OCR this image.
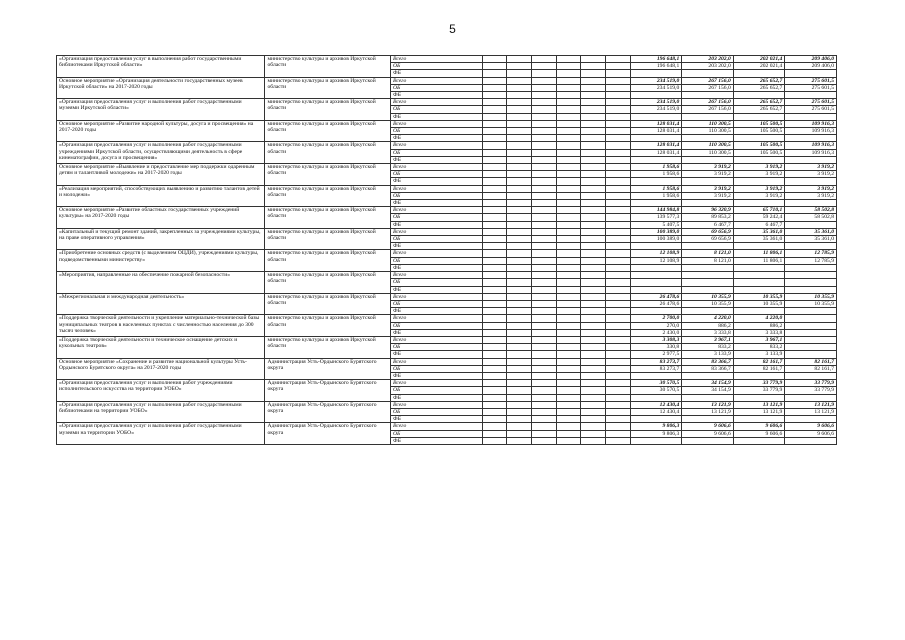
5
«Организация предоставления услуг в выполнения работ государственными библиотеками Иркутской области»	министерство культуры и архивов Иркутской области	Всего							196 648,1	203 202,0	202 021,4	209 406,0
		ОБ							196 648,1	203 202,0	202 021,4	209 406,0
		ФБ										
Основное мероприятие «Организация деятельности государственных музеев Иркутской области» на 2017-2020 годы	министерство культуры и архивов Иркутской области	Всего							234 519,0	267 156,0	265 652,7	275 601,5
		ОБ							234 519,0	267 156,0	265 652,7	275 601,5
		ФБ										
«Организация предоставления услуг и выполнения работ государственными музеями Иркутской области»	министерство культуры и архивов Иркутской области	Всего							234 519,0	267 156,0	265 652,7	275 601,5
		ОБ							234 519,0	267 156,0	265 652,7	275 601,5
		ФБ										
Основное мероприятие «Развитие народной культуры, досуга и просвещения» на 2017-2020 годы	министерство культуры и архивов Иркутской области	Всего							128 031,4	110 300,5	105 500,5	109 916,3
		ОБ							128 031,4	110 300,5	105 500,5	109 916,3
		ФБ										
«Организация предоставления услуг и выполнения работ государственными учреждениями Иркутской области, осуществляющими деятельность в сфере кинематографии, досуга и просвещения»	министерство культуры и архивов Иркутской области	Всего							128 031,4	110 300,5	105 500,5	109 916,3
		ОБ							128 031,4	110 300,5	105 500,5	109 916,3
		ФБ										
Основное мероприятие «Выявление и предоставление мер поддержки одаренным детям и талантливой молодежи» на 2017-2020 годы	министерство культуры и архивов Иркутской области	Всего							1 958,6	3 919,2	3 919,2	3 919,2
		ОБ							1 958,6	3 919,2	3 919,2	3 919,2
		ФБ										
«Реализация мероприятий, способствующих выявлению и развитию талантов детей и молодежи»	министерство культуры и архивов Иркутской области	Всего							1 958,6	3 919,2	3 919,2	3 919,2
		ОБ							1 958,6	3 919,2	3 919,2	3 919,2
		ФБ										
Основное мероприятие «Развитие областных государственных учреждений культуры» на 2017-2020 годы	министерство культуры и архивов Иркутской области	Всего							144 984,8	96 320,9	65 710,1	58 502,8
		ОБ							139 577,3	89 853,2	59 242,4	58 502,8
		ФБ							5 407,5	6 467,7	6 467,7	
«Капитальный и текущий ремонт зданий, закрепленных за учреждениями культуры, на праве оперативного управления»	министерство культуры и архивов Иркутской области	Всего							100 389,0	69 656,9	35 361,0	35 361,0
		ОБ							100 389,0	69 656,9	35 361,0	35 361,0
		ФБ										
«Приобретение основных средств (с выделением ОЦДИ), учреждениями культуры, подведомственными министерству»	министерство культуры и архивов Иркутской области	Всего							12 108,9	8 121,0	11 806,1	12 785,9
		ОБ							12 108,9	8 121,0	11 806,1	12 785,9
		ФБ										
«Мероприятия, направленные на обеспечение пожарной безопасности»	министерство культуры и архивов Иркутской области	Всего										
		ОБ										
		ФБ										
«Межрегиональная и международная деятельность»	министерство культуры и архивов Иркутской области	Всего							26 478,6	10 355,9	10 355,9	10 355,9
		ОБ							26 478,6	10 355,9	10 355,9	10 355,9
		ФБ										
«Поддержка творческой деятельности и укрепление материально-технической базы муниципальных театров в населенных пунктах с численностью населения до 300 тысяч человек»	министерство культуры и архивов Иркутской области	Всего							2 700,0	4 220,0	4 220,0	
		ОБ							270,0	886,2	886,2	
		ФБ							2 430,0	3 333,8	3 333,8	
«Поддержка творческой деятельности и техническое оснащение детских и кукольных театров»	министерство культуры и архивов Иркутской области	Всего							3 308,3	3 967,1	3 967,1	
		ОБ							330,8	833,2	833,2	
		ФБ							2 977,5	3 133,9	3 133,9	
Основное мероприятие «Сохранение и развитие национальной культуры Усть-Ордынского Бурятского округа» на 2017-2020 годы	Администрация Усть-Ордынского Бурятского округа	Всего							83 273,7	83 366,7	82 161,7	82 161,7
		ОБ							83 273,7	83 366,7	82 161,7	82 161,7
		ФБ										
«Организация предоставления услуг и выполнения работ учреждениями исполнительского искусства на территории УОБО»	Администрация Усть-Ордынского Бурятского округа	Всего							30 570,5	34 154,9	33 779,9	33 779,9
		ОБ							30 570,5	34 154,9	33 779,9	33 779,9
		ФБ										
«Организация предоставления услуг и выполнения работ государственными библиотеками на территории УОБО»	Администрация Усть-Ордынского Бурятского округа	Всего							12 430,4	13 121,9	13 121,9	13 121,9
		ОБ							12 430,4	13 121,9	13 121,9	13 121,9
		ФБ										
«Организация предоставления услуг и выполнения работ государственными музеями на территории УОБО»	Администрация Усть-Ордынского Бурятского округа	Всего							9 806,3	9 606,6	9 606,6	9 606,6
		ОБ							9 806,3	9 606,6	9 606,6	9 606,6
		ФБ										
